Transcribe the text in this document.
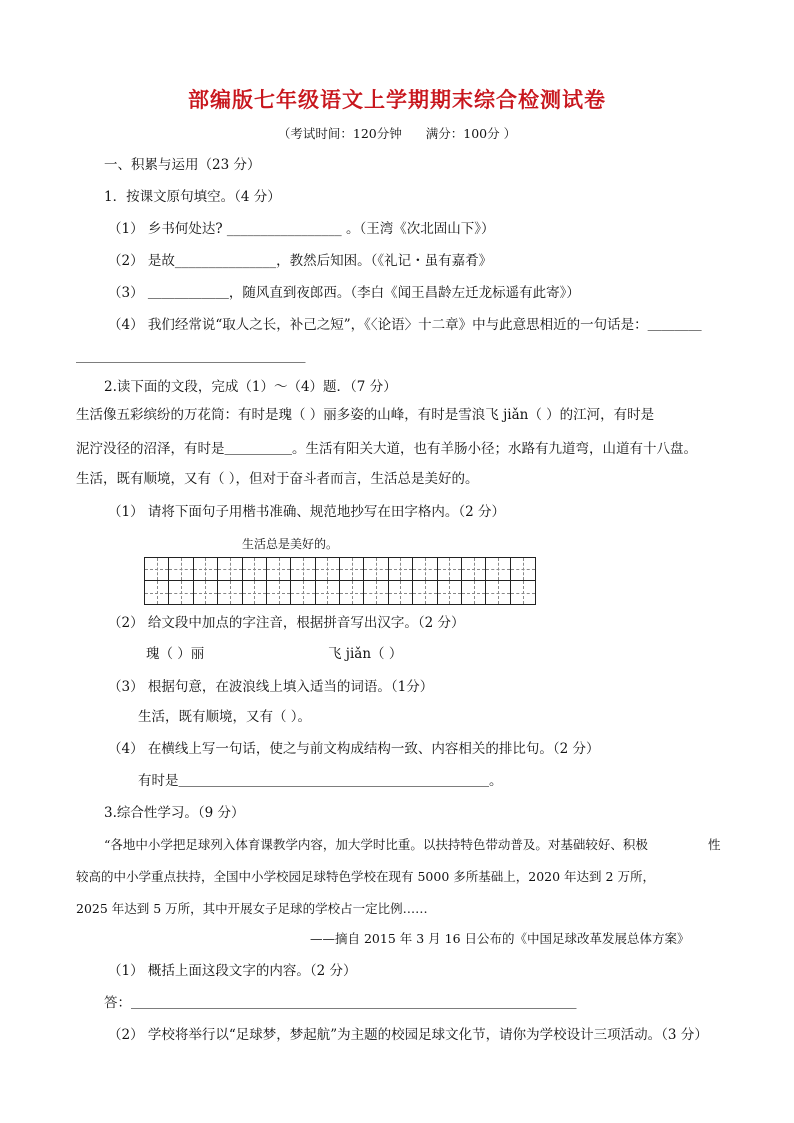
部编版七年级语文上学期期末综合检测试卷
（考试时间：120分钟 满分：100分 ）
一、积累与运用（23 分）
1．按课文原句填空。（4 分）
（1） 乡书何处达? _________________ 。（王湾《次北固山下》）
（2） 是故_______________，教然后知困。（《礼记・虽有嘉肴》
（3） ＿＿＿＿＿＿，随风直到夜郎西。（李白《闻王昌龄左迁龙标遥有此寄》）
（4） 我们经常说“取人之长，补己之短”，《〈论语〉十二章》中与此意思相近的一句话是：＿＿＿＿
＿＿＿＿＿＿＿＿＿＿＿＿＿＿＿＿＿
2.读下面的文段，完成（1）～（4）题．（7 分）
生活像五彩缤纷的万花筒：有时是瑰（ ）丽多姿的山峰，有时是雪浪飞 jiǎn（ ）的江河，有时是
泥泞没径的沼泽，有时是＿＿＿＿＿。生活有阳关大道，也有羊肠小径；水路有九道弯，山道有十八盘。
生活，既有顺境，又有（ ），但对于奋斗者而言，生活总是美好的。
（1） 请将下面句子用楷书准确、规范地抄写在田字格内。（2 分）
生活总是美好的。
（2） 给文段中加点的字注音，根据拼音写出汉字。（2 分）
瑰（ ）丽	飞 jiǎn（ ）
（3） 根据句意，在波浪线上填入适当的词语。（1分）
生活，既有顺境，又有（ ）。
（4） 在横线上写一句话，使之与前文构成结构一致、内容相关的排比句。（2 分）
有时是＿＿＿＿＿＿＿＿＿＿＿＿＿＿＿＿＿＿＿＿＿＿＿。
3.综合性学习。（9 分）
“各地中小学把足球列入体育课教学内容，加大学时比重。以扶持特色带动普及。对基础较好、积极	性
较高的中小学重点扶持，全国中小学校园足球特色学校在现有 5000 多所基础上，2020 年达到 2 万所，
2025 年达到 5 万所，其中开展女子足球的学校占一定比例……
——摘自 2015 年 3 月 16 日公布的《中国足球改革发展总体方案》
（1） 概括上面这段文字的内容。（2 分）
答：＿＿＿＿＿＿＿＿＿＿＿＿＿＿＿＿＿＿＿＿＿＿＿＿＿＿＿＿＿＿＿＿＿
（2） 学校将举行以“足球梦，梦起航”为主题的校园足球文化节，请你为学校设计三项活动。（3 分）
